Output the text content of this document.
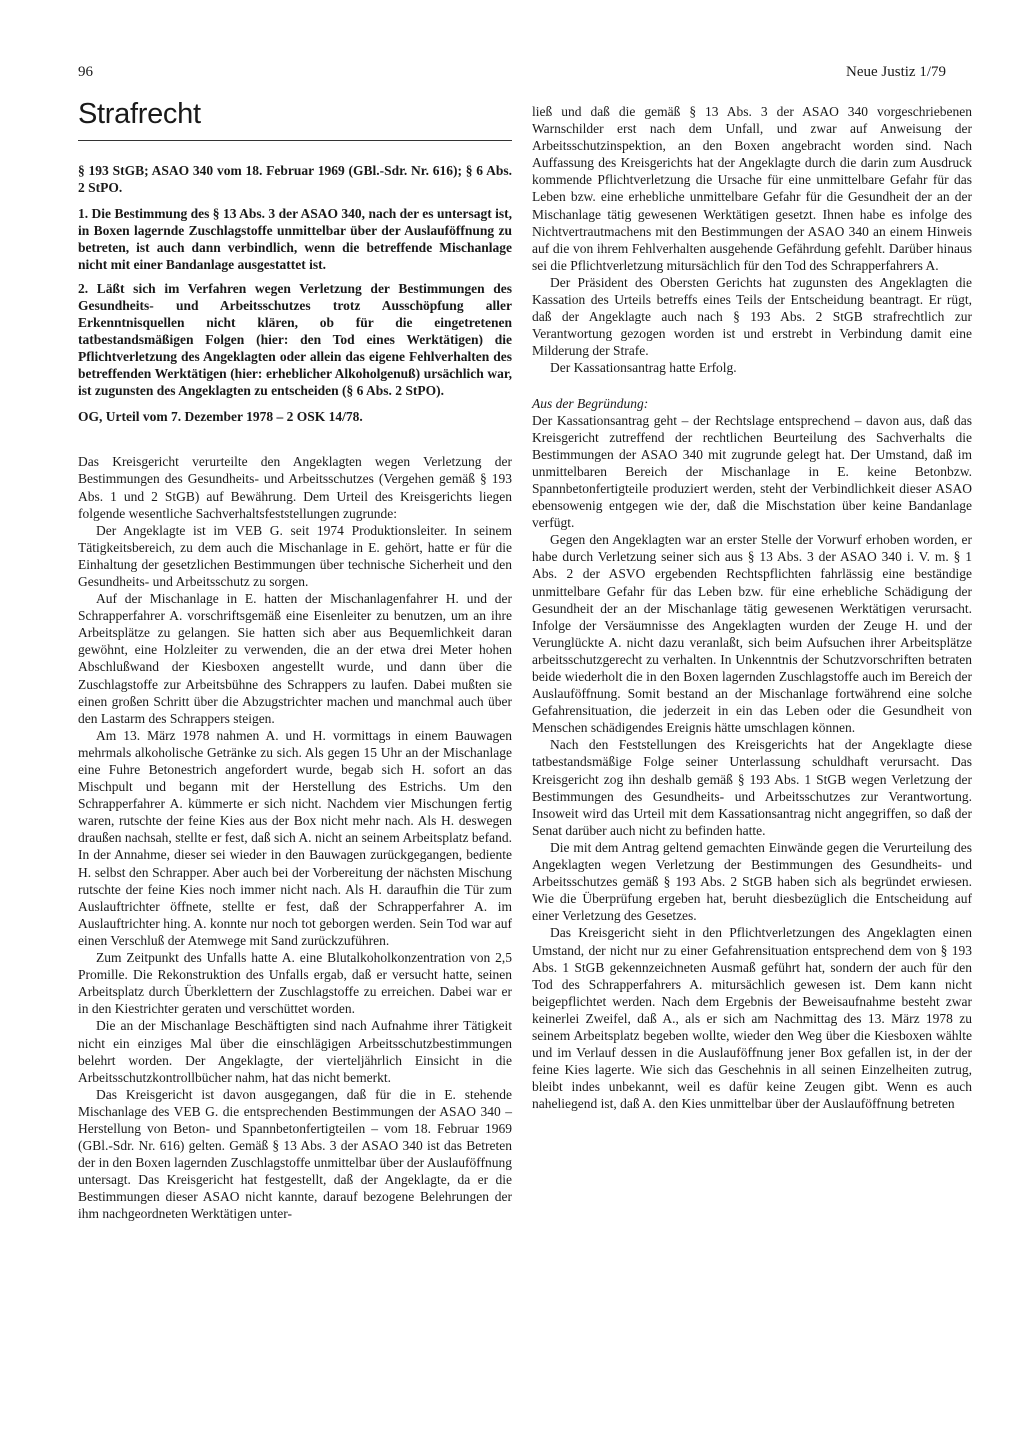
96	Neue Justiz 1/79
Strafrecht

§ 193 StGB; ASAO 340 vom 18. Februar 1969 (GBl.-Sdr. Nr. 616); § 6 Abs. 2 StPO.

1. Die Bestimmung des § 13 Abs. 3 der ASAO 340, nach der es untersagt ist, in Boxen lagernde Zuschlagstoffe unmittelbar über der Auslauföffnung zu betreten, ist auch dann verbindlich, wenn die betreffende Mischanlage nicht mit einer Bandanlage ausgestattet ist.

2. Läßt sich im Verfahren wegen Verletzung der Bestimmungen des Gesundheits- und Arbeitsschutzes trotz Ausschöpfung aller Erkenntnisquellen nicht klären, ob für die eingetretenen tatbestandsmäßigen Folgen (hier: den Tod eines Werktätigen) die Pflichtverletzung des Angeklagten oder allein das eigene Fehlverhalten des betreffenden Werktätigen (hier: erheblicher Alkoholgenuß) ursächlich war, ist zugunsten des Angeklagten zu entscheiden (§ 6 Abs. 2 StPO).

OG, Urteil vom 7. Dezember 1978 – 2 OSK 14/78.

Das Kreisgericht verurteilte den Angeklagten wegen Verletzung der Bestimmungen des Gesundheits- und Arbeitsschutzes (Vergehen gemäß § 193 Abs. 1 und 2 StGB) auf Bewährung. Dem Urteil des Kreisgerichts liegen folgende wesentliche Sachverhaltsfeststellungen zugrunde:

Der Angeklagte ist im VEB G. seit 1974 Produktionsleiter. In seinem Tätigkeitsbereich, zu dem auch die Mischanlage in E. gehört, hatte er für die Einhaltung der gesetzlichen Bestimmungen über technische Sicherheit und den Gesundheits- und Arbeitsschutz zu sorgen.

Auf der Mischanlage in E. hatten der Mischanlagenfahrer H. und der Schrapperfahrer A. vorschriftsgemäß eine Eisenleiter zu benutzen, um an ihre Arbeitsplätze zu gelangen. Sie hatten sich aber aus Bequemlichkeit daran gewöhnt, eine Holzleiter zu verwenden, die an der etwa drei Meter hohen Abschlußwand der Kiesboxen angestellt wurde, und dann über die Zuschlagstoffe zur Arbeitsbühne des Schrappers zu laufen. Dabei mußten sie einen großen Schritt über die Abzugstrichter machen und manchmal auch über den Lastarm des Schrappers steigen.

Am 13. März 1978 nahmen A. und H. vormittags in einem Bauwagen mehrmals alkoholische Getränke zu sich. Als gegen 15 Uhr an der Mischanlage eine Fuhre Betonestrich angefordert wurde, begab sich H. sofort an das Mischpult und begann mit der Herstellung des Estrichs. Um den Schrapperfahrer A. kümmerte er sich nicht. Nachdem vier Mischungen fertig waren, rutschte der feine Kies aus der Box nicht mehr nach. Als H. deswegen draußen nachsah, stellte er fest, daß sich A. nicht an seinem Arbeitsplatz befand. In der Annahme, dieser sei wieder in den Bauwagen zurückgegangen, bediente H. selbst den Schrapper. Aber auch bei der Vorbereitung der nächsten Mischung rutschte der feine Kies noch immer nicht nach. Als H. daraufhin die Tür zum Auslauftrichter öffnete, stellte er fest, daß der Schrapperfahrer A. im Auslauftrichter hing. A. konnte nur noch tot geborgen werden. Sein Tod war auf einen Verschluß der Atemwege mit Sand zurückzuführen.

Zum Zeitpunkt des Unfalls hatte A. eine Blutalkoholkonzentration von 2,5 Promille. Die Rekonstruktion des Unfalls ergab, daß er versucht hatte, seinen Arbeitsplatz durch Überklettern der Zuschlagstoffe zu erreichen. Dabei war er in den Kiestrichter geraten und verschüttet worden.

Die an der Mischanlage Beschäftigten sind nach Aufnahme ihrer Tätigkeit nicht ein einziges Mal über die einschlägigen Arbeitsschutzbestimmungen belehrt worden. Der Angeklagte, der vierteljährlich Einsicht in die Arbeitsschutzkontrollbücher nahm, hat das nicht bemerkt.

Das Kreisgericht ist davon ausgegangen, daß für die in E. stehende Mischanlage des VEB G. die entsprechenden Bestimmungen der ASAO 340 – Herstellung von Beton- und Spannbetonfertigteilen – vom 18. Februar 1969 (GBl.-Sdr. Nr. 616) gelten. Gemäß § 13 Abs. 3 der ASAO 340 ist das Betreten der in den Boxen lagernden Zuschlagstoffe unmittelbar über der Auslauföffnung untersagt. Das Kreisgericht hat festgestellt, daß der Angeklagte, da er die Bestimmungen dieser ASAO nicht kannte, darauf bezogene Belehrungen der ihm nachgeordneten Werktätigen unter-

ließ und daß die gemäß § 13 Abs. 3 der ASAO 340 vorgeschriebenen Warnschilder erst nach dem Unfall, und zwar auf Anweisung der Arbeitsschutzinspektion, an den Boxen angebracht worden sind. Nach Auffassung des Kreisgerichts hat der Angeklagte durch die darin zum Ausdruck kommende Pflichtverletzung die Ursache für eine unmittelbare Gefahr für das Leben bzw. eine erhebliche unmittelbare Gefahr für die Gesundheit der an der Mischanlage tätig gewesenen Werktätigen gesetzt. Ihnen habe es infolge des Nichtvertrautmachens mit den Bestimmungen der ASAO 340 an einem Hinweis auf die von ihrem Fehlverhalten ausgehende Gefährdung gefehlt. Darüber hinaus sei die Pflichtverletzung mitursächlich für den Tod des Schrapperfahrers A.

Der Präsident des Obersten Gerichts hat zugunsten des Angeklagten die Kassation des Urteils betreffs eines Teils der Entscheidung beantragt. Er rügt, daß der Angeklagte auch nach § 193 Abs. 2 StGB strafrechtlich zur Verantwortung gezogen worden ist und erstrebt in Verbindung damit eine Milderung der Strafe.

Der Kassationsantrag hatte Erfolg.

Aus der Begründung:

Der Kassationsantrag geht – der Rechtslage entsprechend – davon aus, daß das Kreisgericht zutreffend der rechtlichen Beurteilung des Sachverhalts die Bestimmungen der ASAO 340 mit zugrunde gelegt hat. Der Umstand, daß im unmittelbaren Bereich der Mischanlage in E. keine Betonbzw. Spannbetonfertigteile produziert werden, steht der Verbindlichkeit dieser ASAO ebensowenig entgegen wie der, daß die Mischstation über keine Bandanlage verfügt.

Gegen den Angeklagten war an erster Stelle der Vorwurf erhoben worden, er habe durch Verletzung seiner sich aus § 13 Abs. 3 der ASAO 340 i. V. m. § 1 Abs. 2 der ASVO ergebenden Rechtspflichten fahrlässig eine beständige unmittelbare Gefahr für das Leben bzw. für eine erhebliche Schädigung der Gesundheit der an der Mischanlage tätig gewesenen Werktätigen verursacht. Infolge der Versäumnisse des Angeklagten wurden der Zeuge H. und der Verunglückte A. nicht dazu veranlaßt, sich beim Aufsuchen ihrer Arbeitsplätze arbeitsschutzgerecht zu verhalten. In Unkenntnis der Schutzvorschriften betraten beide wiederholt die in den Boxen lagernden Zuschlagstoffe auch im Bereich der Auslauföffnung. Somit bestand an der Mischanlage fortwährend eine solche Gefahrensituation, die jederzeit in ein das Leben oder die Gesundheit von Menschen schädigendes Ereignis hätte umschlagen können.

Nach den Feststellungen des Kreisgerichts hat der Angeklagte diese tatbestandsmäßige Folge seiner Unterlassung schuldhaft verursacht. Das Kreisgericht zog ihn deshalb gemäß § 193 Abs. 1 StGB wegen Verletzung der Bestimmungen des Gesundheits- und Arbeitsschutzes zur Verantwortung. Insoweit wird das Urteil mit dem Kassationsantrag nicht angegriffen, so daß der Senat darüber auch nicht zu befinden hatte.

Die mit dem Antrag geltend gemachten Einwände gegen die Verurteilung des Angeklagten wegen Verletzung der Bestimmungen des Gesundheits- und Arbeitsschutzes gemäß § 193 Abs. 2 StGB haben sich als begründet erwiesen. Wie die Überprüfung ergeben hat, beruht diesbezüglich die Entscheidung auf einer Verletzung des Gesetzes.

Das Kreisgericht sieht in den Pflichtverletzungen des Angeklagten einen Umstand, der nicht nur zu einer Gefahrensituation entsprechend dem von § 193 Abs. 1 StGB gekennzeichneten Ausmaß geführt hat, sondern der auch für den Tod des Schrapperfahrers A. mitursächlich gewesen ist. Dem kann nicht beigepflichtet werden. Nach dem Ergebnis der Beweisaufnahme besteht zwar keinerlei Zweifel, daß A., als er sich am Nachmittag des 13. März 1978 zu seinem Arbeitsplatz begeben wollte, wieder den Weg über die Kiesboxen wählte und im Verlauf dessen in die Auslauföffnung jener Box gefallen ist, in der der feine Kies lagerte. Wie sich das Geschehnis in all seinen Einzelheiten zutrug, bleibt indes unbekannt, weil es dafür keine Zeugen gibt. Wenn es auch naheliegend ist, daß A. den Kies unmittelbar über der Auslauföffnung betreten
